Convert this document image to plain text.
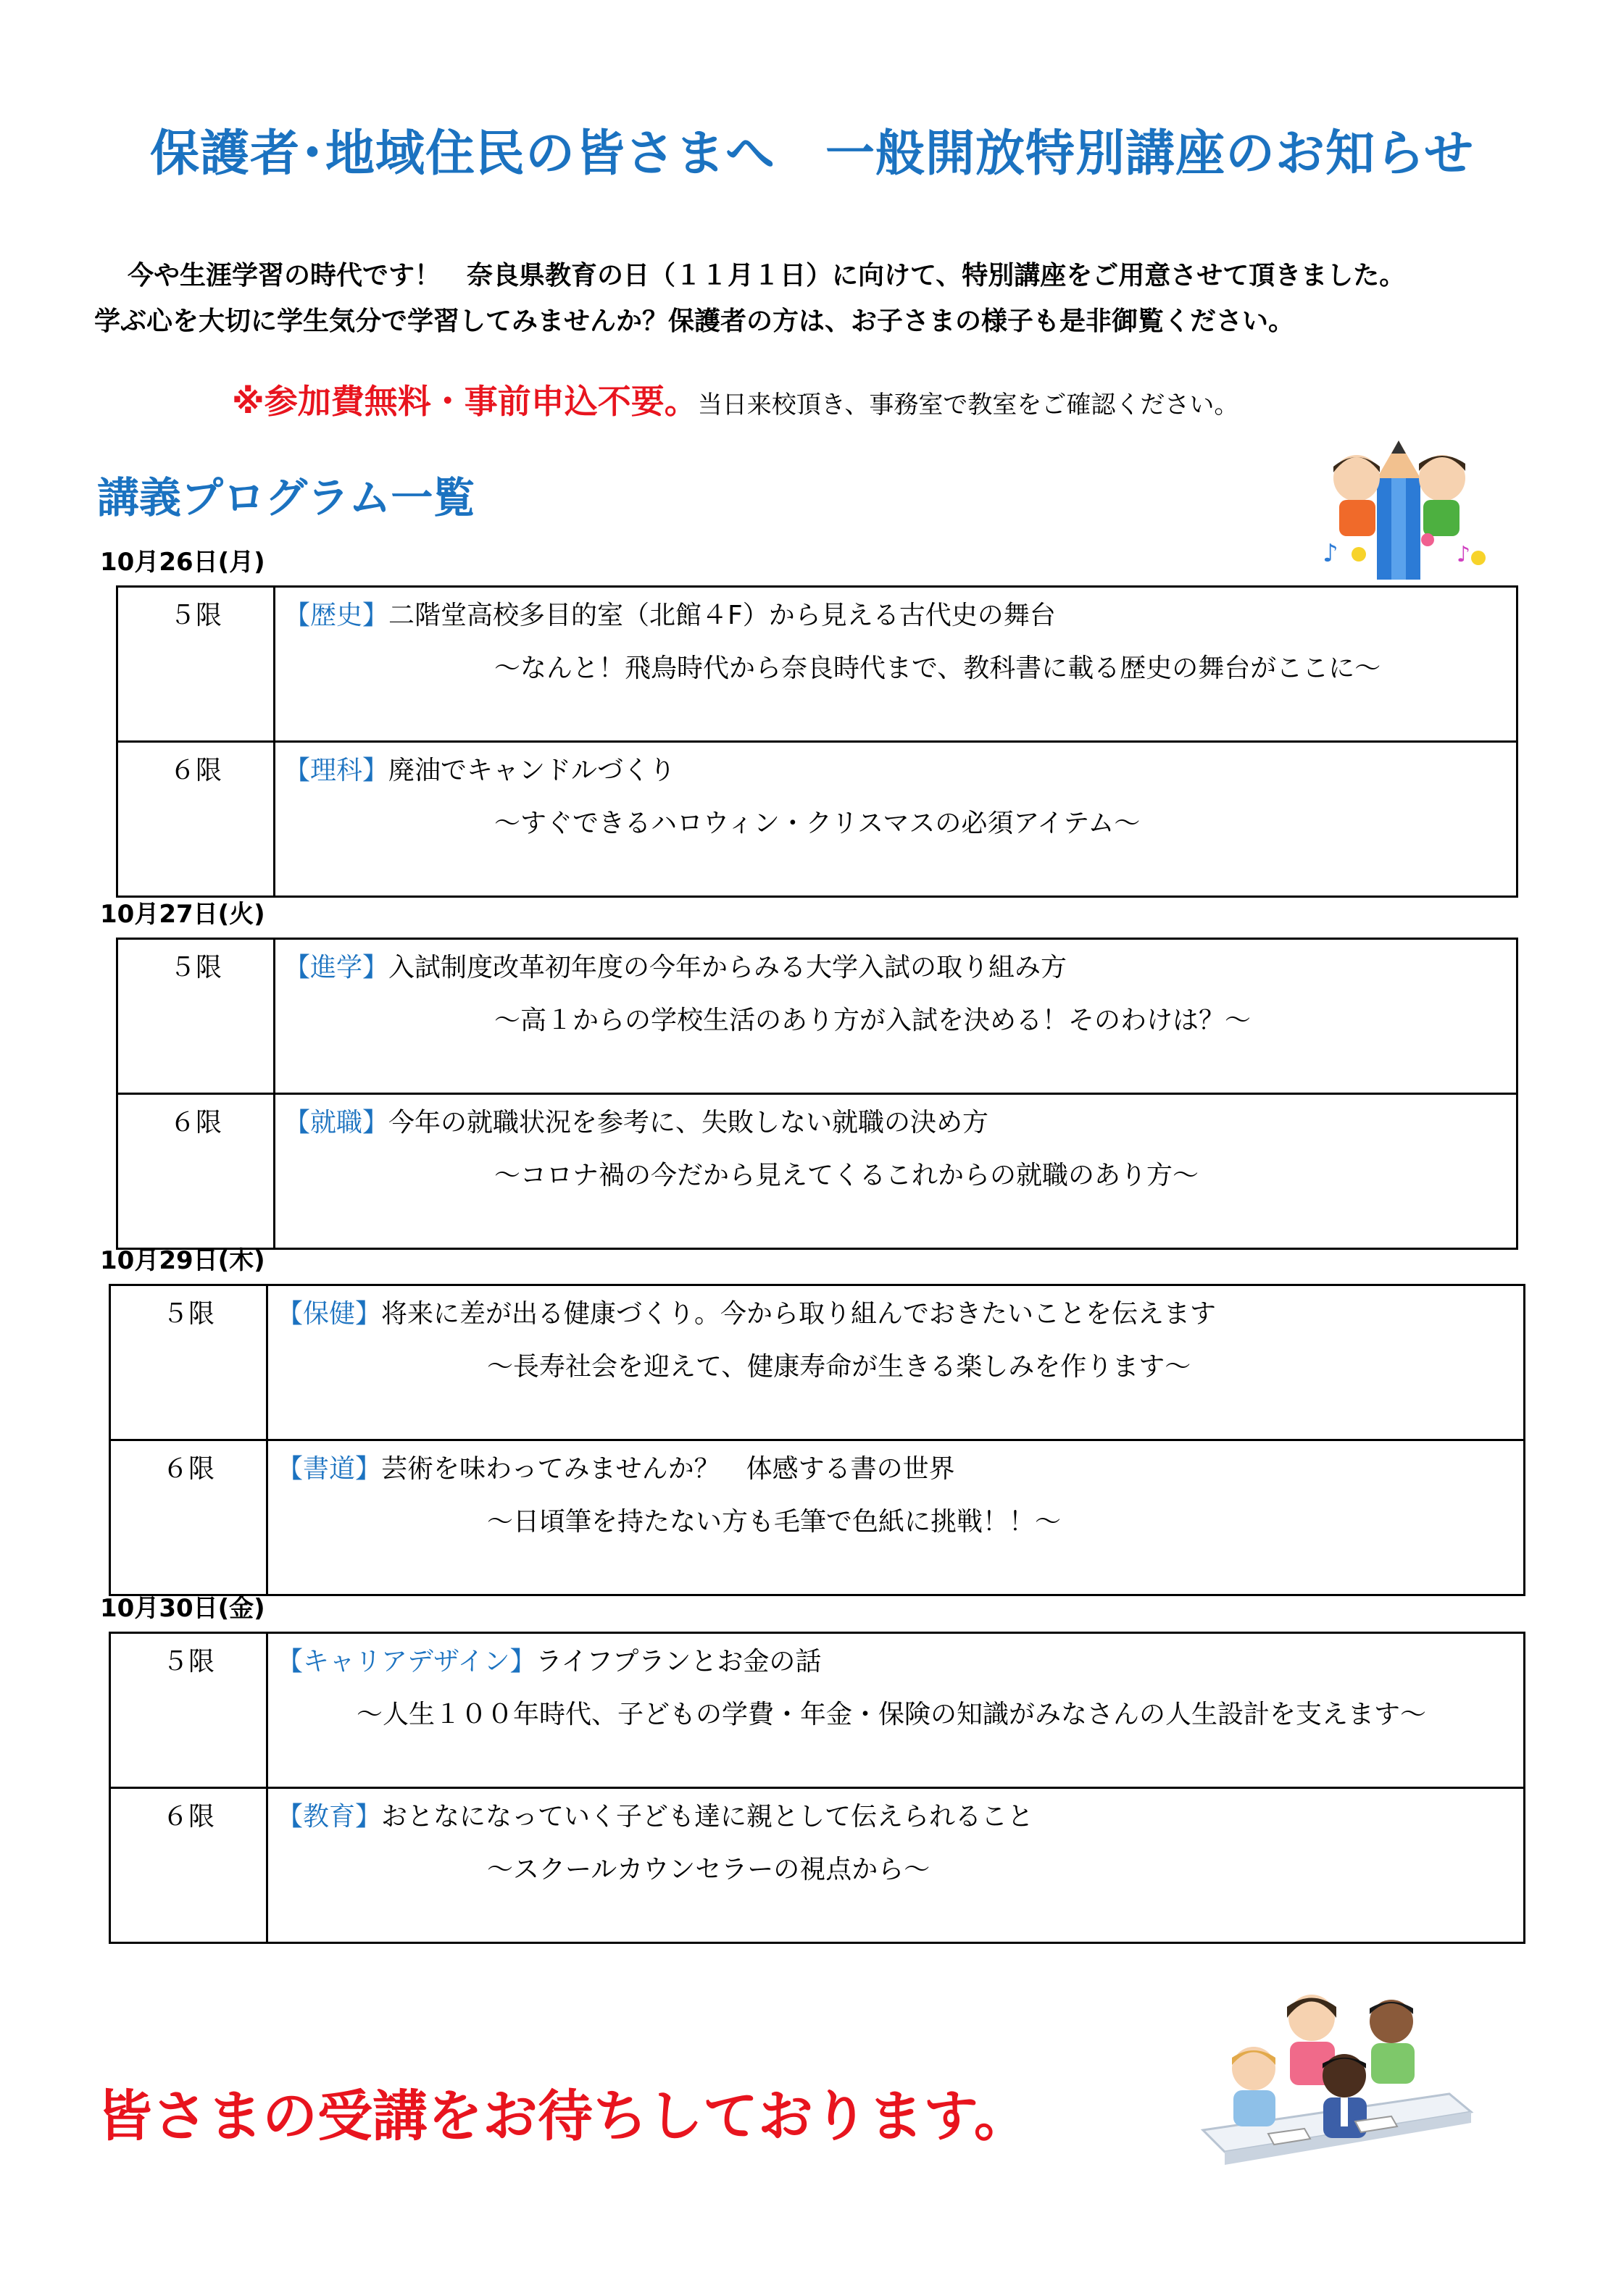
保護者･地域住民の皆さまへ　一般開放特別講座のお知らせ
今や生涯学習の時代です！　奈良県教育の日（１１月１日）に向けて、特別講座をご用意させて頂きました。
学ぶ心を大切に学生気分で学習してみませんか？保護者の方は、お子さまの様子も是非御覧ください。
※参加費無料・事前申込不要。当日来校頂き、事務室で教室をご確認ください。
講義プログラム一覧
♪	♪
10月26日(月)
５限	【歴史】二階堂高校多目的室（北館４F）から見える古代史の舞台
～なんと！飛鳥時代から奈良時代まで、教科書に載る歴史の舞台がここに～

６限	【理科】廃油でキャンドルづくり
～すぐできるハロウィン・クリスマスの必須アイテム～
10月27日(火)
５限	【進学】入試制度改革初年度の今年からみる大学入試の取り組み方
～高１からの学校生活のあり方が入試を決める！そのわけは？～

６限	【就職】今年の就職状況を参考に、失敗しない就職の決め方
～コロナ禍の今だから見えてくるこれからの就職のあり方～
10月29日(木)
５限	【保健】将来に差が出る健康づくり。今から取り組んでおきたいことを伝えます
～長寿社会を迎えて、健康寿命が生きる楽しみを作ります～

６限	【書道】芸術を味わってみませんか？　体感する書の世界
～日頃筆を持たない方も毛筆で色紙に挑戦！！～
10月30日(金)
５限	【キャリアデザイン】ライフプランとお金の話
～人生１００年時代、子どもの学費・年金・保険の知識がみなさんの人生設計を支えます～

６限	【教育】おとなになっていく子ども達に親として伝えられること
～スクールカウンセラーの視点から～
皆さまの受講をお待ちしております。
